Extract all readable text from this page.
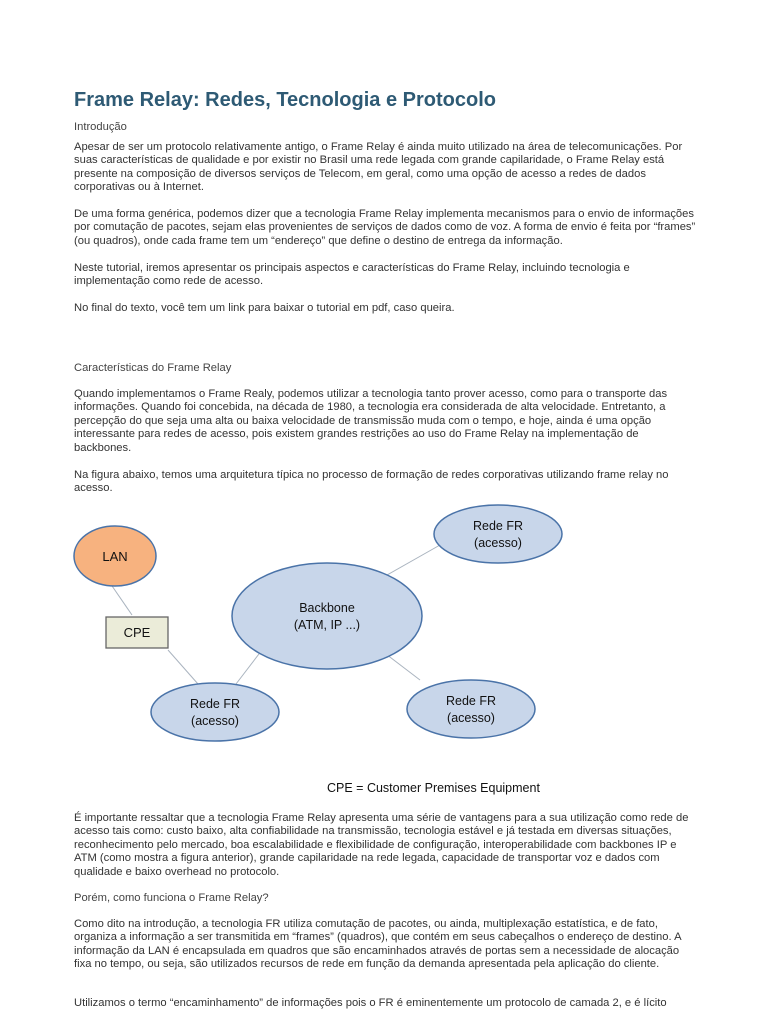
Frame Relay: Redes, Tecnologia e Protocolo

Introdução

Apesar de ser um protocolo relativamente antigo, o Frame Relay é ainda muito utilizado na área de telecomunicações. Por suas características de qualidade e por existir no Brasil uma rede legada com grande capilaridade, o Frame Relay está presente na composição de diversos serviços de Telecom, em geral, como uma opção de acesso a redes de dados corporativas ou à Internet.

De uma forma genérica, podemos dizer que a tecnologia Frame Relay implementa mecanismos para o envio de informações por comutação de pacotes, sejam elas provenientes de serviços de dados como de voz. A forma de envio é feita por “frames” (ou quadros), onde cada frame tem um “endereço” que define o destino de entrega da informação.

Neste tutorial, iremos apresentar os principais aspectos e características do Frame Relay, incluindo tecnologia e implementação como rede de acesso.

No final do texto, você tem um link para baixar o tutorial em pdf, caso queira.

Características do Frame Relay

Quando implementamos o Frame Realy, podemos utilizar a tecnologia tanto prover acesso, como para o transporte das informações. Quando foi concebida, na década de 1980, a tecnologia era considerada de alta velocidade. Entretanto, a percepção do que seja uma alta ou baixa velocidade de transmissão muda com o tempo, e hoje, ainda é uma opção interessante para redes de acesso, pois existem grandes restrições ao uso do Frame Relay na implementação de backbones.

Na figura abaixo, temos uma arquitetura típica no processo de formação de redes corporativas utilizando frame relay no acesso.

LAN
CPE
Backbone
(ATM, IP ...)
Rede FR
(acesso)
Rede FR
(acesso)
Rede FR
(acesso)
CPE = Customer Premises Equipment

É importante ressaltar que a tecnologia Frame Relay apresenta uma série de vantagens para a sua utilização como rede de acesso tais como: custo baixo, alta confiabilidade na transmissão, tecnologia estável e já testada em diversas situações, reconhecimento pelo mercado, boa escalabilidade e flexibilidade de configuração, interoperabilidade com backbones IP e ATM (como mostra a figura anterior), grande capilaridade na rede legada, capacidade de transportar voz e dados com qualidade e baixo overhead no protocolo.

Porém, como funciona o Frame Relay?

Como dito na introdução, a tecnologia FR utiliza comutação de pacotes, ou ainda, multiplexação estatística, e de fato, organiza a informação a ser transmitida em “frames” (quadros), que contém em seus cabeçalhos o endereço de destino. A informação da LAN é encapsulada em quadros que são encaminhados através de portas sem a necessidade de alocação fixa no tempo, ou seja, são utilizados recursos de rede em função da demanda apresentada pela aplicação do cliente.

Utilizamos o termo “encaminhamento” de informações pois o FR é eminentemente um protocolo de camada 2, e é lícito
